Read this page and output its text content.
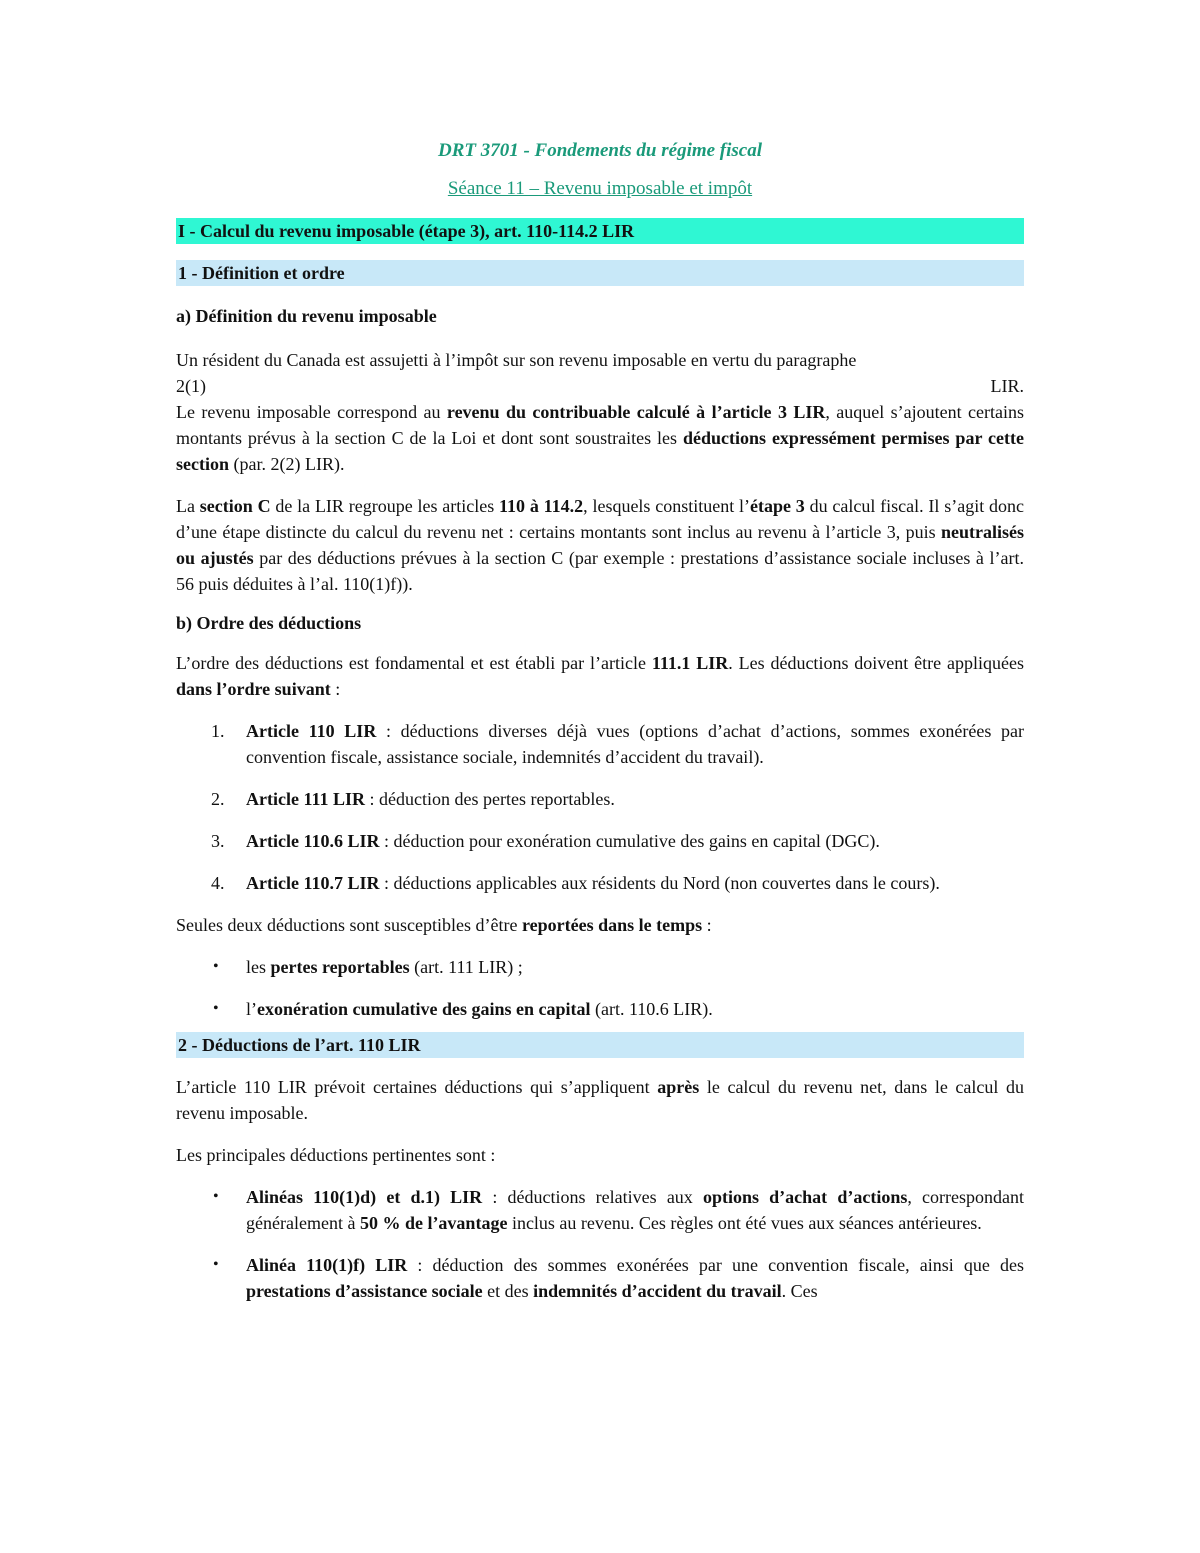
DRT 3701 - Fondements du régime fiscal
Séance 11 – Revenu imposable et impôt
I - Calcul du revenu imposable (étape 3), art. 110-114.2 LIR
1 - Définition et ordre
a) Définition du revenu imposable

Un résident du Canada est assujetti à l’impôt sur son revenu imposable en vertu du paragraphe
2(1)	LIR.
Le revenu imposable correspond au revenu du contribuable calculé à l’article 3 LIR, auquel s’ajoutent certains montants prévus à la section C de la Loi et dont sont soustraites les déductions expressément permises par cette section (par. 2(2) LIR).

La section C de la LIR regroupe les articles 110 à 114.2, lesquels constituent l’étape 3 du calcul fiscal. Il s’agit donc d’une étape distincte du calcul du revenu net : certains montants sont inclus au revenu à l’article 3, puis neutralisés ou ajustés par des déductions prévues à la section C (par exemple : prestations d’assistance sociale incluses à l’art. 56 puis déduites à l’al. 110(1)f)).

b) Ordre des déductions

L’ordre des déductions est fondamental et est établi par l’article 111.1 LIR. Les déductions doivent être appliquées dans l’ordre suivant :

1. Article 110 LIR : déductions diverses déjà vues (options d’achat d’actions, sommes exonérées par convention fiscale, assistance sociale, indemnités d’accident du travail).
2. Article 111 LIR : déduction des pertes reportables.
3. Article 110.6 LIR : déduction pour exonération cumulative des gains en capital (DGC).
4. Article 110.7 LIR : déductions applicables aux résidents du Nord (non couvertes dans le cours).

Seules deux déductions sont susceptibles d’être reportées dans le temps :

• les pertes reportables (art. 111 LIR) ;
• l’exonération cumulative des gains en capital (art. 110.6 LIR).
2 - Déductions de l’art. 110 LIR

L’article 110 LIR prévoit certaines déductions qui s’appliquent après le calcul du revenu net, dans le calcul du revenu imposable.

Les principales déductions pertinentes sont :

• Alinéas 110(1)d) et d.1) LIR : déductions relatives aux options d’achat d’actions, correspondant généralement à 50 % de l’avantage inclus au revenu. Ces règles ont été vues aux séances antérieures.
• Alinéa 110(1)f) LIR : déduction des sommes exonérées par une convention fiscale, ainsi que des prestations d’assistance sociale et des indemnités d’accident du travail. Ces
